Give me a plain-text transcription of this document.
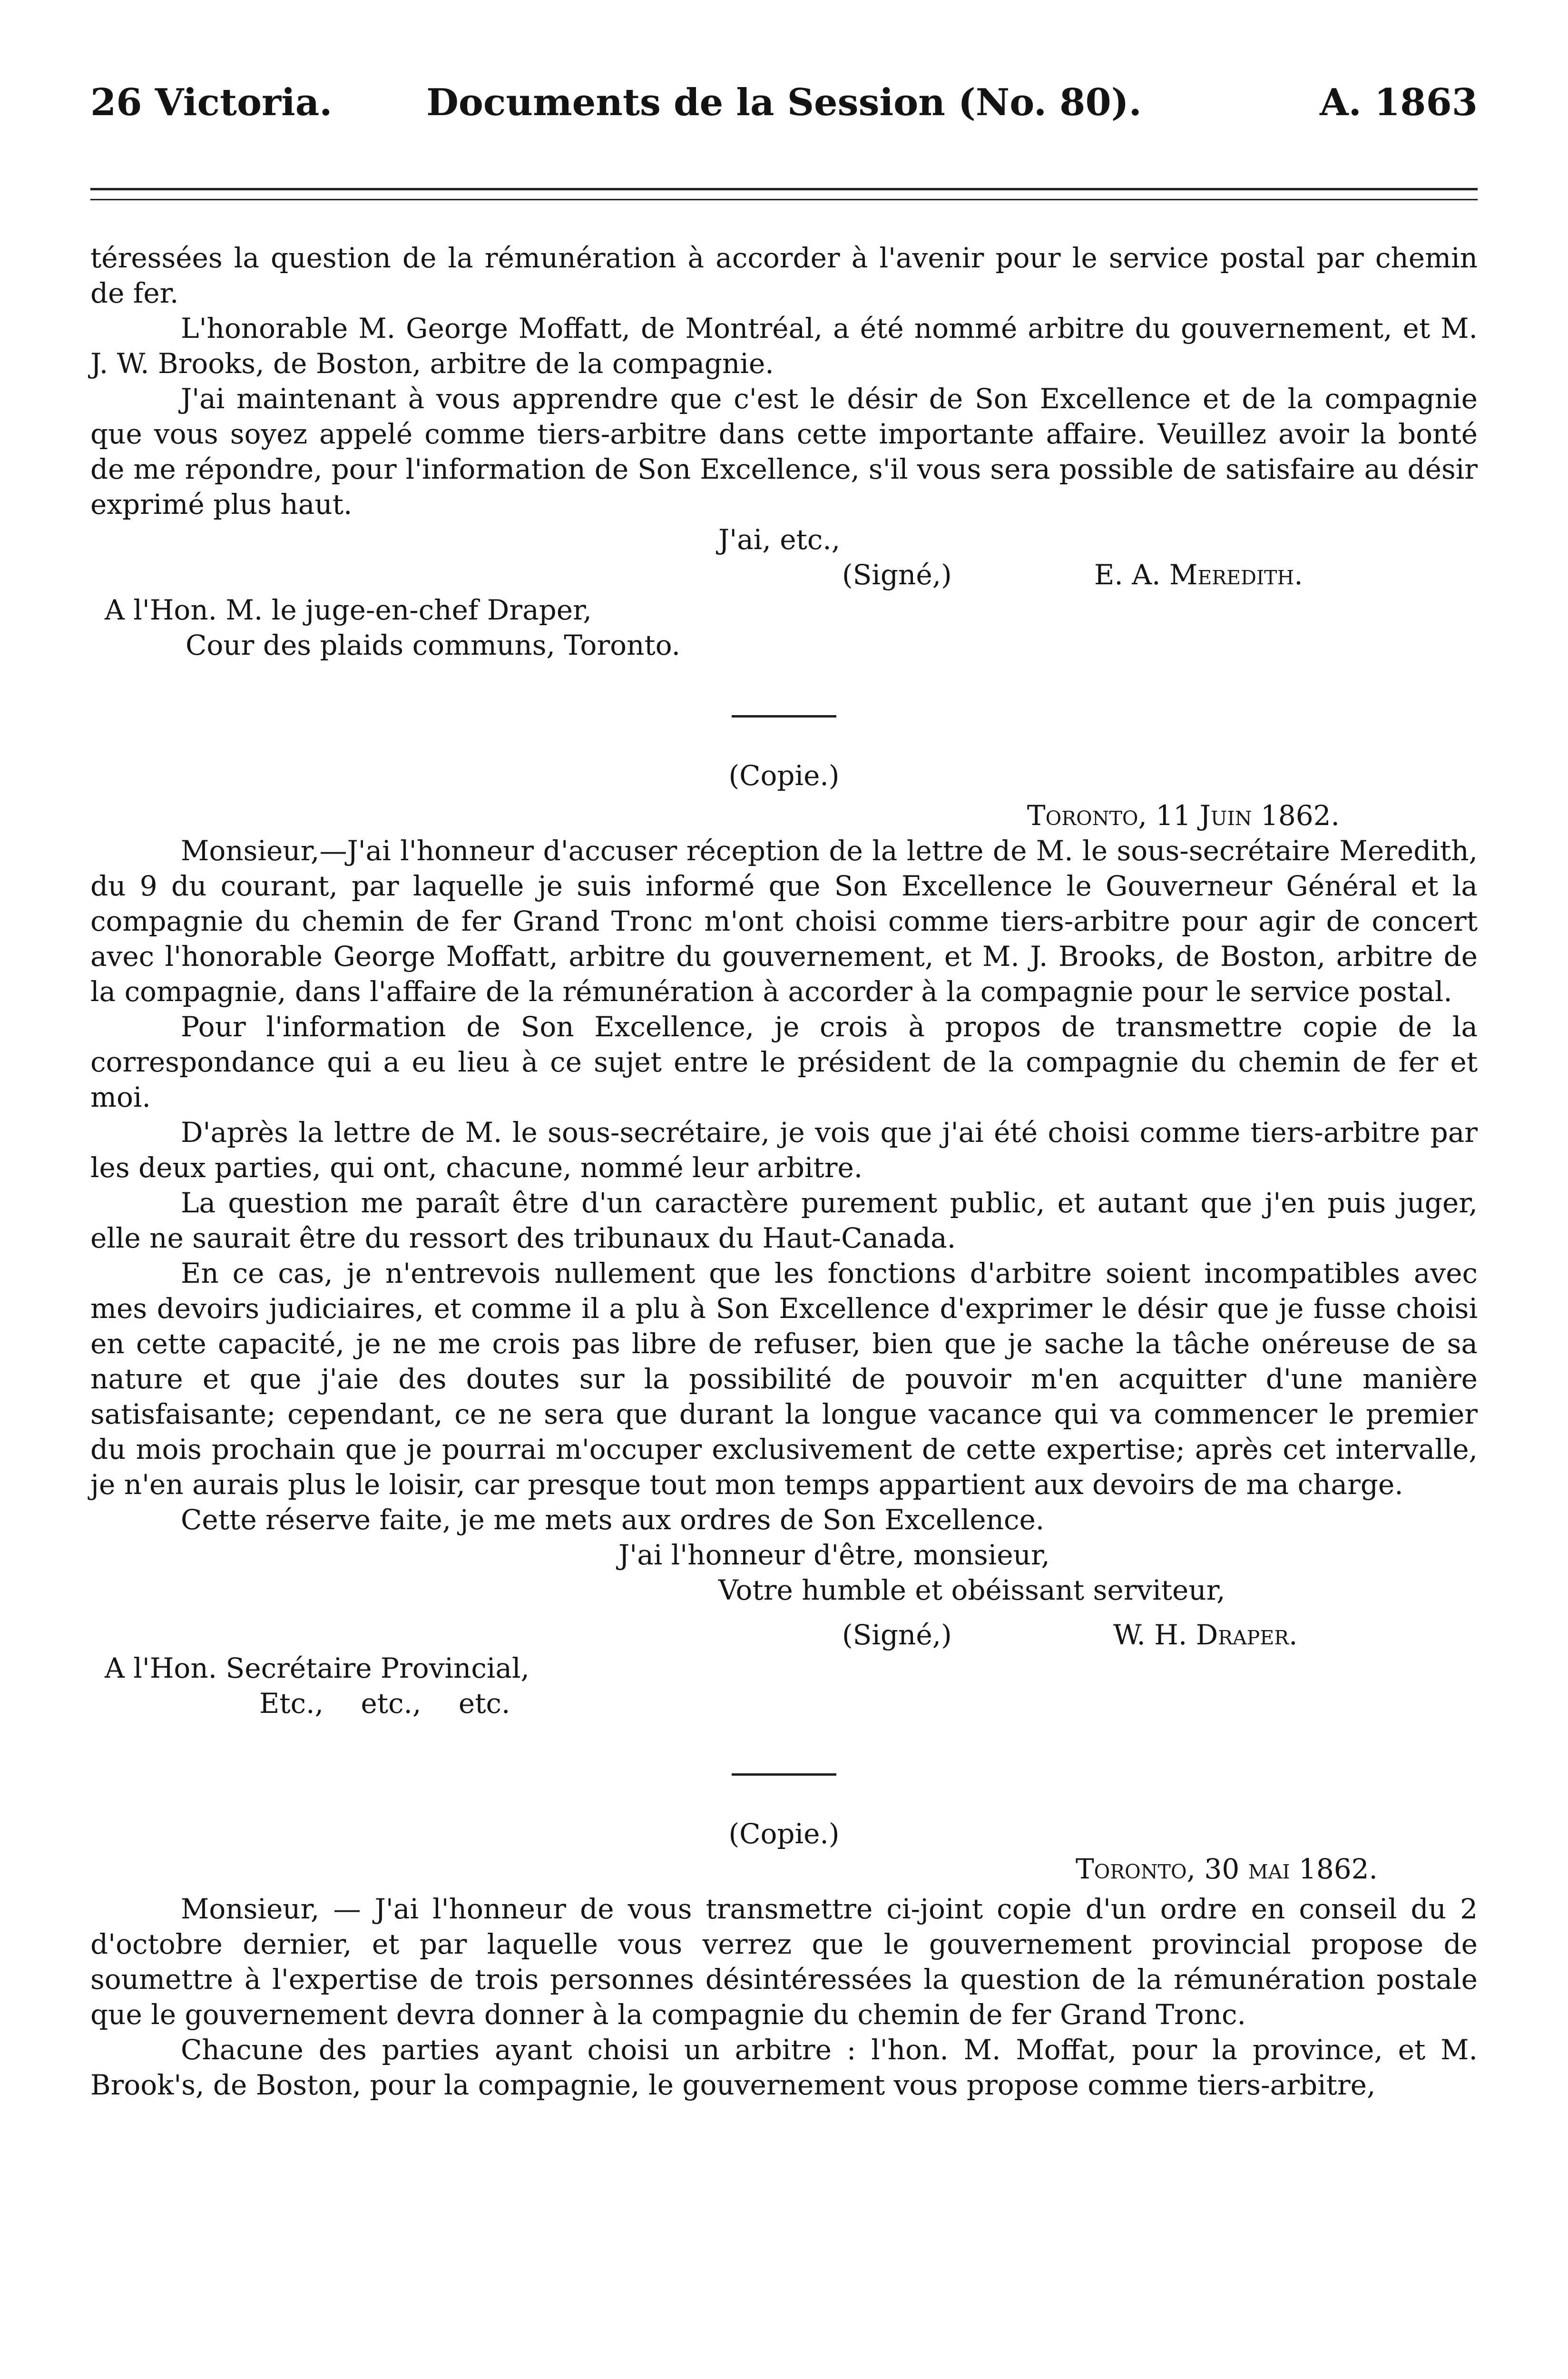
26 Victoria.	Documents de la Session (No. 80).	A. 1863

téressées la question de la rémunération à accorder à l'avenir pour le service postal par chemin de fer.

L'honorable M. George Moffatt, de Montréal, a été nommé arbitre du gouvernement, et M. J. W. Brooks, de Boston, arbitre de la compagnie.

J'ai maintenant à vous apprendre que c'est le désir de Son Excellence et de la compagnie que vous soyez appelé comme tiers-arbitre dans cette importante affaire. Veuillez avoir la bonté de me répondre, pour l'information de Son Excellence, s'il vous sera possible de satisfaire au désir exprimé plus haut.

J'ai, etc.,

(Signé,)	E. A. Meredith.

A l'Hon. M. le juge-en-chef Draper,

Cour des plaids communs, Toronto.

(Copie.)

Toronto, 11 Juin 1862.

Monsieur,—J'ai l'honneur d'accuser réception de la lettre de M. le sous-secrétaire Meredith, du 9 du courant, par laquelle je suis informé que Son Excellence le Gouverneur Général et la compagnie du chemin de fer Grand Tronc m'ont choisi comme tiers-arbitre pour agir de concert avec l'honorable George Moffatt, arbitre du gouvernement, et M. J. Brooks, de Boston, arbitre de la compagnie, dans l'affaire de la rémunération à accorder à la compagnie pour le service postal.

Pour l'information de Son Excellence, je crois à propos de transmettre copie de la correspondance qui a eu lieu à ce sujet entre le président de la compagnie du chemin de fer et moi.

D'après la lettre de M. le sous-secrétaire, je vois que j'ai été choisi comme tiers-arbitre par les deux parties, qui ont, chacune, nommé leur arbitre.

La question me paraît être d'un caractère purement public, et autant que j'en puis juger, elle ne saurait être du ressort des tribunaux du Haut-Canada.

En ce cas, je n'entrevois nullement que les fonctions d'arbitre soient incompatibles avec mes devoirs judiciaires, et comme il a plu à Son Excellence d'exprimer le désir que je fusse choisi en cette capacité, je ne me crois pas libre de refuser, bien que je sache la tâche onéreuse de sa nature et que j'aie des doutes sur la possibilité de pouvoir m'en acquitter d'une manière satisfaisante; cependant, ce ne sera que durant la longue vacance qui va commencer le premier du mois prochain que je pourrai m'occuper exclusivement de cette expertise; après cet intervalle, je n'en aurais plus le loisir, car presque tout mon temps appartient aux devoirs de ma charge.

Cette réserve faite, je me mets aux ordres de Son Excellence.

J'ai l'honneur d'être, monsieur,

Votre humble et obéissant serviteur,

(Signé,)	W. H. Draper.

A l'Hon. Secrétaire Provincial,

Etc., etc., etc.

(Copie.)

Toronto, 30 mai 1862.

Monsieur, — J'ai l'honneur de vous transmettre ci-joint copie d'un ordre en conseil du 2 d'octobre dernier, et par laquelle vous verrez que le gouvernement provincial propose de soumettre à l'expertise de trois personnes désintéressées la question de la rémunération postale que le gouvernement devra donner à la compagnie du chemin de fer Grand Tronc.

Chacune des parties ayant choisi un arbitre : l'hon. M. Moffat, pour la province, et M. Brook's, de Boston, pour la compagnie, le gouvernement vous propose comme tiers-arbitre,
